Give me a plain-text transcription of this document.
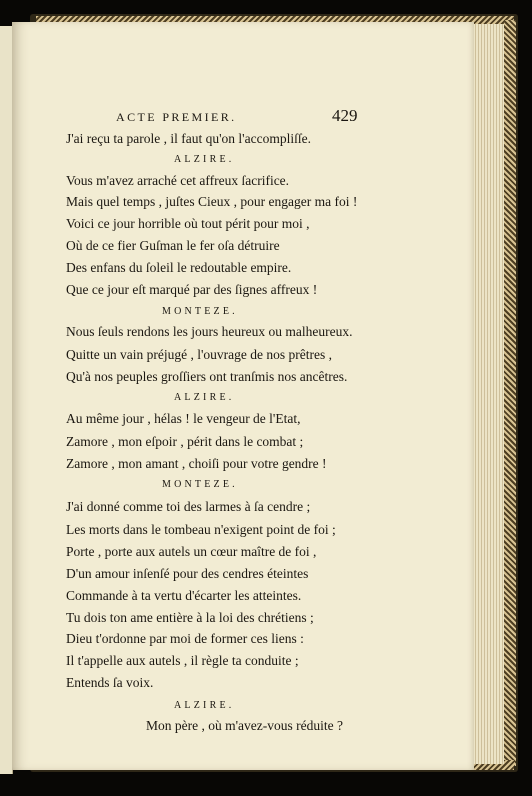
ACTE PREMIER.	429
J'ai reçu ta parole , il faut qu'on l'accompliſſe.
ALZIRE.
Vous m'avez arraché cet affreux ſacrifice.
Mais quel temps , juſtes Cieux , pour engager ma foi !
Voici ce jour horrible où tout périt pour moi ,
Où de ce fier Guſman le fer oſa détruire
Des enfans du ſoleil le redoutable empire.
Que ce jour eſt marqué par des ſignes affreux !
MONTEZE.
Nous ſeuls rendons les jours heureux ou malheureux.
Quitte un vain préjugé , l'ouvrage de nos prêtres ,
Qu'à nos peuples groſſiers ont tranſmis nos ancêtres.
ALZIRE.
Au même jour , hélas ! le vengeur de l'Etat,
Zamore , mon eſpoir , périt dans le combat ;
Zamore , mon amant , choiſi pour votre gendre !
MONTEZE.
J'ai donné comme toi des larmes à ſa cendre ;
Les morts dans le tombeau n'exigent point de foi ;
Porte , porte aux autels un cœur maître de foi ,
D'un amour inſenſé pour des cendres éteintes
Commande à ta vertu d'écarter les atteintes.
Tu dois ton ame entière à la loi des chrétiens ;
Dieu t'ordonne par moi de former ces liens :
Il t'appelle aux autels , il règle ta conduite ;
Entends ſa voix.
ALZIRE.
Mon père , où m'avez-vous réduite ?
